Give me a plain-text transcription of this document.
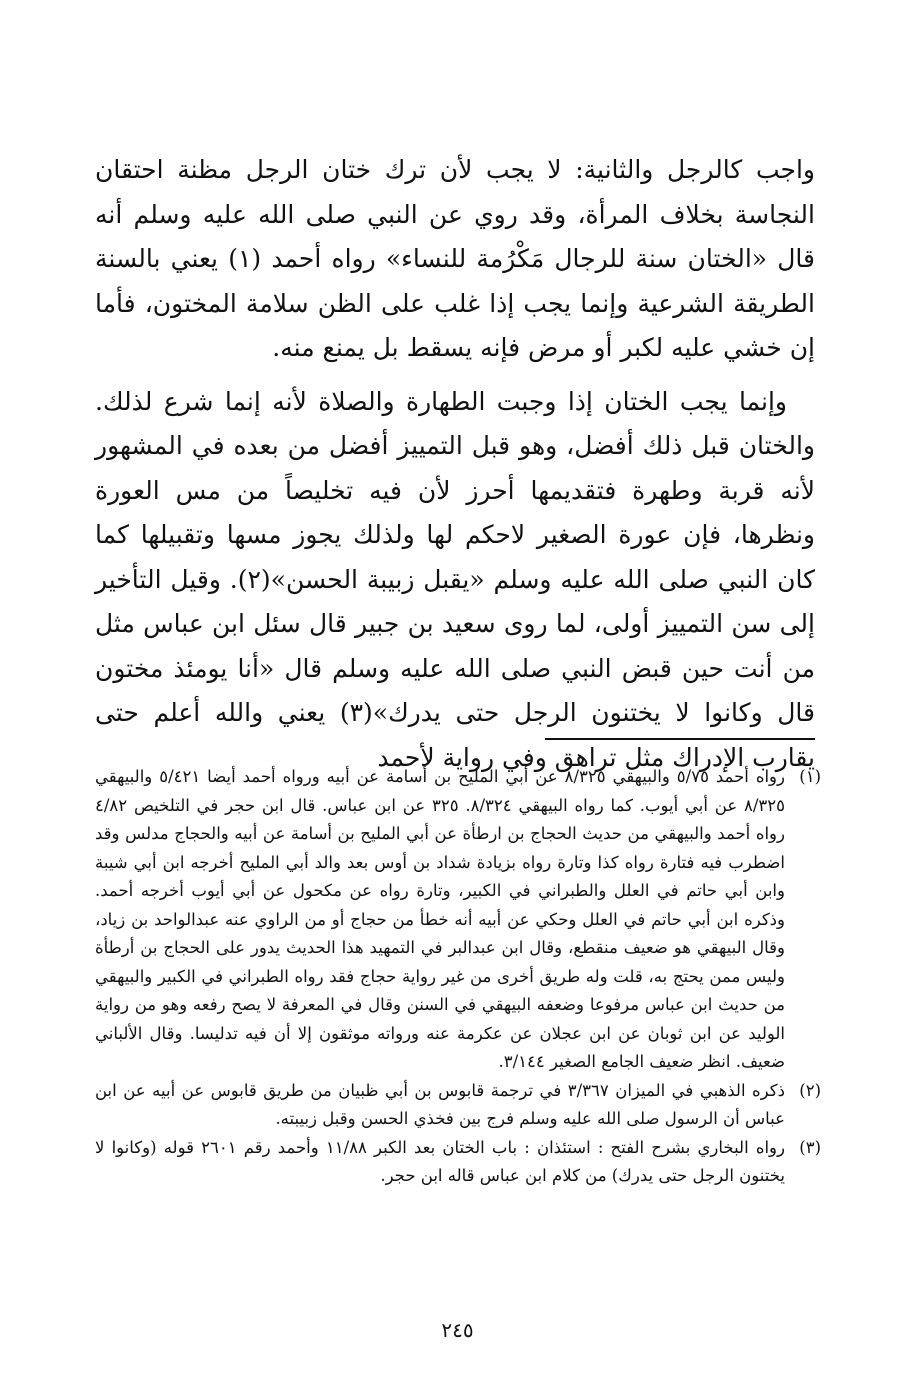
واجب كالرجل والثانية: لا يجب لأن ترك ختان الرجل مظنة احتقان النجاسة بخلاف المرأة، وقد روي عن النبي صلى الله عليه وسلم أنه قال «الختان سنة للرجال مَكْرُمة للنساء» رواه أحمد (١) يعني بالسنة الطريقة الشرعية وإنما يجب إذا غلب على الظن سلامة المختون، فأما إن خشي عليه لكبر أو مرض فإنه يسقط بل يمنع منه.

وإنما يجب الختان إذا وجبت الطهارة والصلاة لأنه إنما شرع لذلك. والختان قبل ذلك أفضل، وهو قبل التمييز أفضل من بعده في المشهور لأنه قربة وطهرة فتقديمها أحرز لأن فيه تخليصاً من مس العورة ونظرها، فإن عورة الصغير لاحكم لها ولذلك يجوز مسها وتقبيلها كما كان النبي صلى الله عليه وسلم «يقبل زبيبة الحسن»(٢). وقيل التأخير إلى سن التمييز أولى، لما روى سعيد بن جبير قال سئل ابن عباس مثل من أنت حين قبض النبي صلى الله عليه وسلم قال «أنا يومئذ مختون قال وكانوا لا يختنون الرجل حتى يدرك»(٣) يعني والله أعلم حتى يقارب الإدراك مثل تراهق وفي رواية لأحمد

(١)
رواه أحمد ٥/٧٥ والبيهقي ٨/٣٢٥ عن أبي المليح بن أسامة عن أبيه ورواه أحمد أيضا ٥/٤٢١ والبيهقي ٨/٣٢٥ عن أبي أيوب. كما رواه البيهقي ٨/٣٢٤. ٣٢٥ عن ابن عباس. قال ابن حجر في التلخيص ٤/٨٢ رواه أحمد والبيهقي من حديث الحجاج بن ارطأة عن أبي المليح بن أسامة عن أبيه والحجاج مدلس وقد اضطرب فيه فتارة رواه كذا وتارة رواه بزيادة شداد بن أوس بعد والد أبي المليح أخرجه ابن أبي شيبة وابن أبي حاتم في العلل والطبراني في الكبير، وتارة رواه عن مكحول عن أبي أيوب أخرجه أحمد. وذكره ابن أبي حاتم في العلل وحكي عن أبيه أنه خطأ من حجاج أو من الراوي عنه عبدالواحد بن زياد، وقال البيهقي هو ضعيف منقطع، وقال ابن عبدالبر في التمهيد هذا الحديث يدور على الحجاج بن أرطأة وليس ممن يحتج به، قلت وله طريق أخرى من غير رواية حجاج فقد رواه الطبراني في الكبير والبيهقي من حديث ابن عباس مرفوعا وضعفه البيهقي في السنن وقال في المعرفة لا يصح رفعه وهو من رواية الوليد عن ابن ثوبان عن ابن عجلان عن عكرمة عنه ورواته موثقون إلا أن فيه تدليسا. وقال الألباني ضعيف. انظر ضعيف الجامع الصغير ٣/١٤٤.
(٢)
ذكره الذهبي في الميزان ٣/٣٦٧ في ترجمة قابوس بن أبي ظبيان من طريق قابوس عن أبيه عن ابن عباس أن الرسول صلى الله عليه وسلم فرج بين فخذي الحسن وقبل زبيبته.
(٣)
رواه البخاري بشرح الفتح : استئذان : باب الختان بعد الكبر ١١/٨٨ وأحمد رقم ٢٦٠١ قوله (وكانوا لا يختنون الرجل حتى يدرك) من كلام ابن عباس قاله ابن حجر.
٢٤٥
